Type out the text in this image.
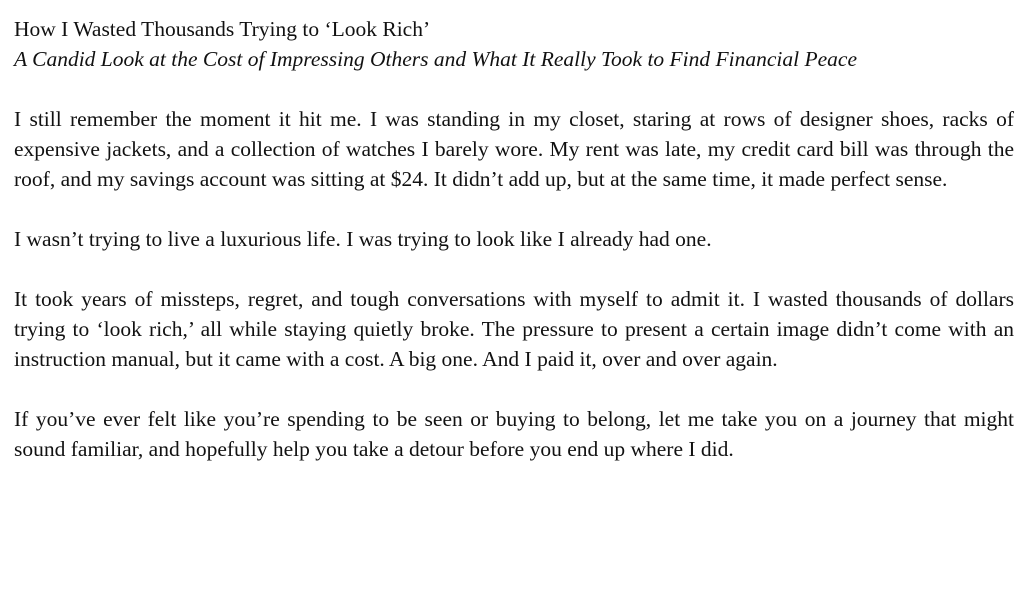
How I Wasted Thousands Trying to ‘Look Rich’
A Candid Look at the Cost of Impressing Others and What It Really Took to Find Financial Peace

I still remember the moment it hit me. I was standing in my closet, staring at rows of designer shoes, racks of expensive jackets, and a collection of watches I barely wore. My rent was late, my credit card bill was through the roof, and my savings account was sitting at $24. It didn’t add up, but at the same time, it made perfect sense.

I wasn’t trying to live a luxurious life. I was trying to look like I already had one.

It took years of missteps, regret, and tough conversations with myself to admit it. I wasted thousands of dollars trying to ‘look rich,’ all while staying quietly broke. The pressure to present a certain image didn’t come with an instruction manual, but it came with a cost. A big one. And I paid it, over and over again.

If you’ve ever felt like you’re spending to be seen or buying to belong, let me take you on a journey that might sound familiar, and hopefully help you take a detour before you end up where I did.
